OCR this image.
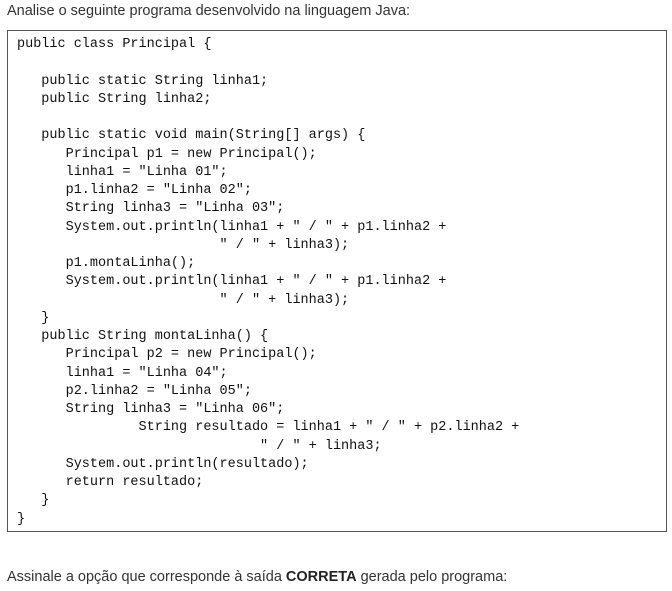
Analise o seguinte programa desenvolvido na linguagem Java:
public class Principal {
public static String linha1;
public String linha2;
public static void main(String[] args) {
Principal p1 = new Principal();
linha1 = "Linha 01";
p1.linha2 = "Linha 02";
String linha3 = "Linha 03";
System.out.println(linha1 + " / " + p1.linha2 +
" / " + linha3);
p1.montaLinha();
System.out.println(linha1 + " / " + p1.linha2 +
" / " + linha3);
}
public String montaLinha() {
Principal p2 = new Principal();
linha1 = "Linha 04";
p2.linha2 = "Linha 05";
String linha3 = "Linha 06";
String resultado = linha1 + " / " + p2.linha2 +
" / " + linha3;
System.out.println(resultado);
return resultado;
}
}
Assinale a opção que corresponde à saída CORRETA gerada pelo programa:
